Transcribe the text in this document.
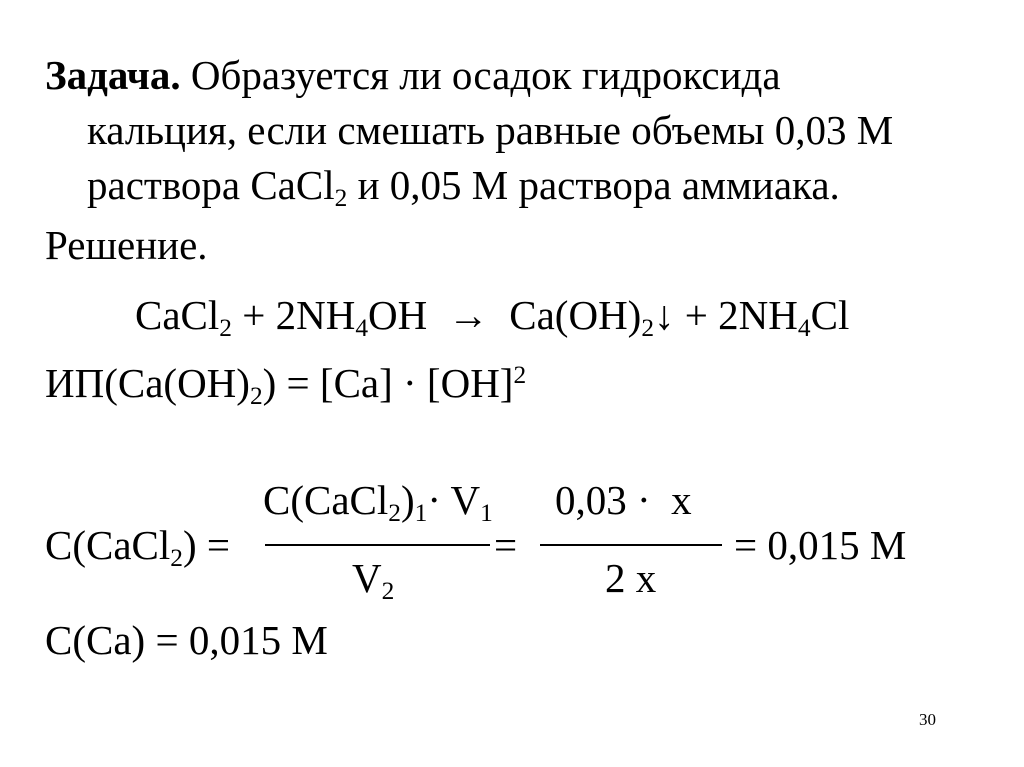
Задача. Образуется ли осадок гидроксида
кальция, если смешать равные объемы 0,03 М
раствора CaCl$_2$ и 0,05 М раствора аммиака.
Решение.
CaCl$_2$ + $2NH_4OH$  →  $Ca(OH)_2↓ + 2NH_4Cl$
$ИП(Ca(OH)_2) = [Ca] \cdot [OH]^2$
C(CaCl$_2$) =
$C(CaCl_2)_1\cdot V_1$
$V_2$
=
0,03 ·  x
2 x
= 0,015 М
C(Ca) = 0,015 М
30
